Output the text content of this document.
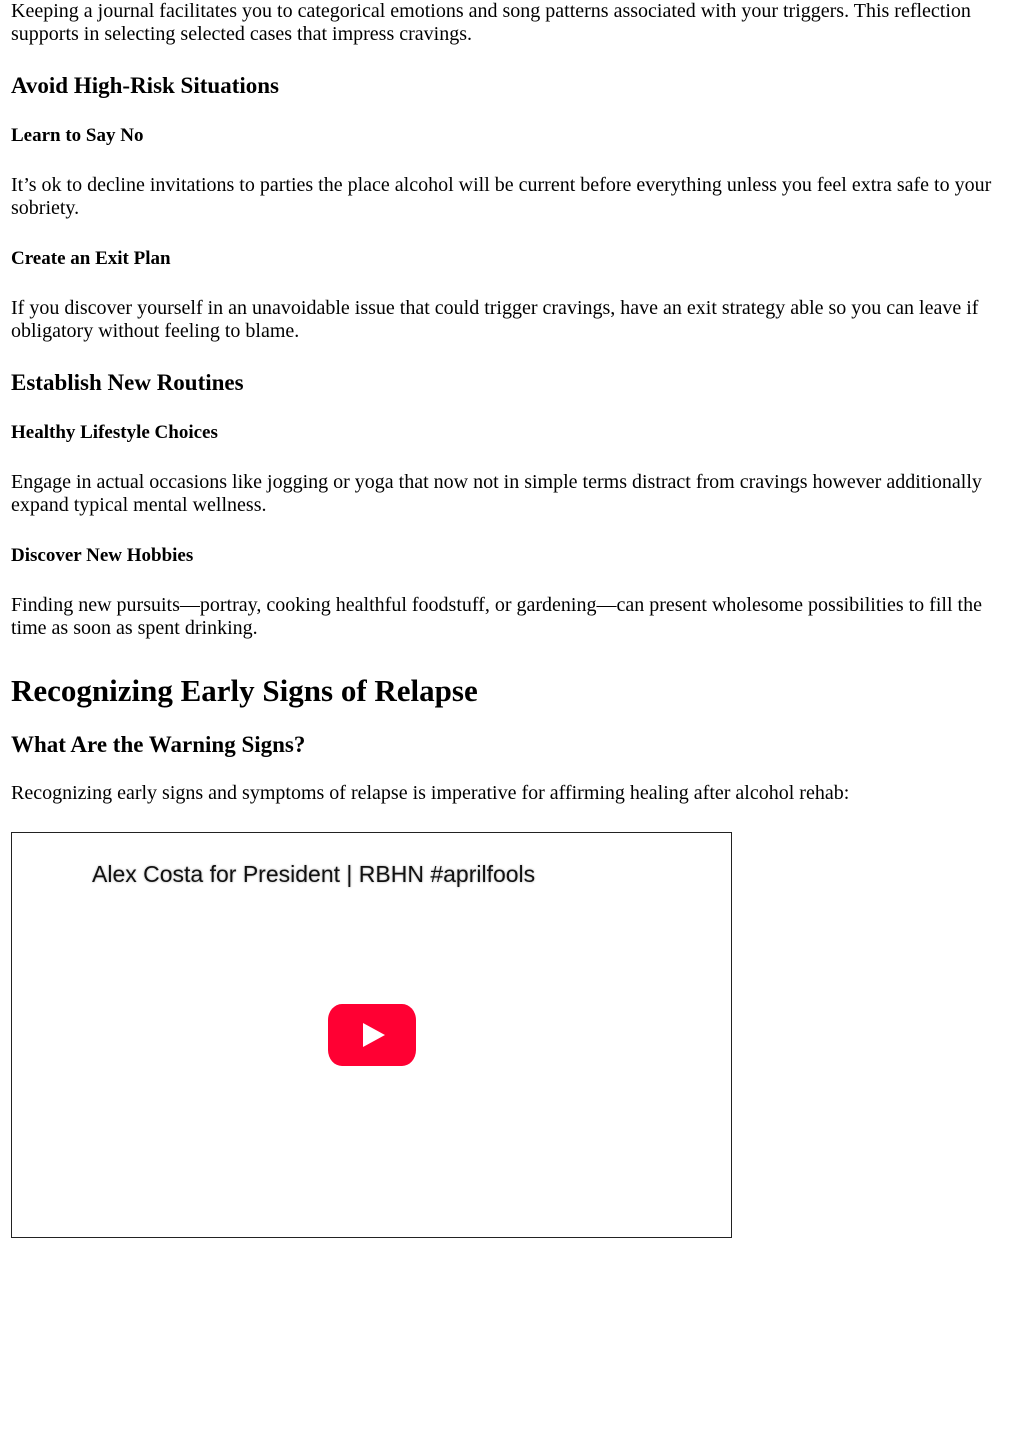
Keeping a journal facilitates you to categorical emotions and song patterns associated with your triggers. This reflection supports in selecting selected cases that impress cravings.

Avoid High-Risk Situations
Learn to Say No

It’s ok to decline invitations to parties the place alcohol will be current before everything unless you feel extra safe to your sobriety.

Create an Exit Plan

If you discover yourself in an unavoidable issue that could trigger cravings, have an exit strategy able so you can leave if obligatory without feeling to blame.

Establish New Routines
Healthy Lifestyle Choices

Engage in actual occasions like jogging or yoga that now not in simple terms distract from cravings however additionally expand typical mental wellness.

Discover New Hobbies

Finding new pursuits—portray, cooking healthful foodstuff, or gardening—can present wholesome possibilities to fill the time as soon as spent drinking.

Recognizing Early Signs of Relapse
What Are the Warning Signs?

Recognizing early signs and symptoms of relapse is imperative for affirming healing after alcohol rehab:

Alex Costa for President | RBHN #aprilfools
